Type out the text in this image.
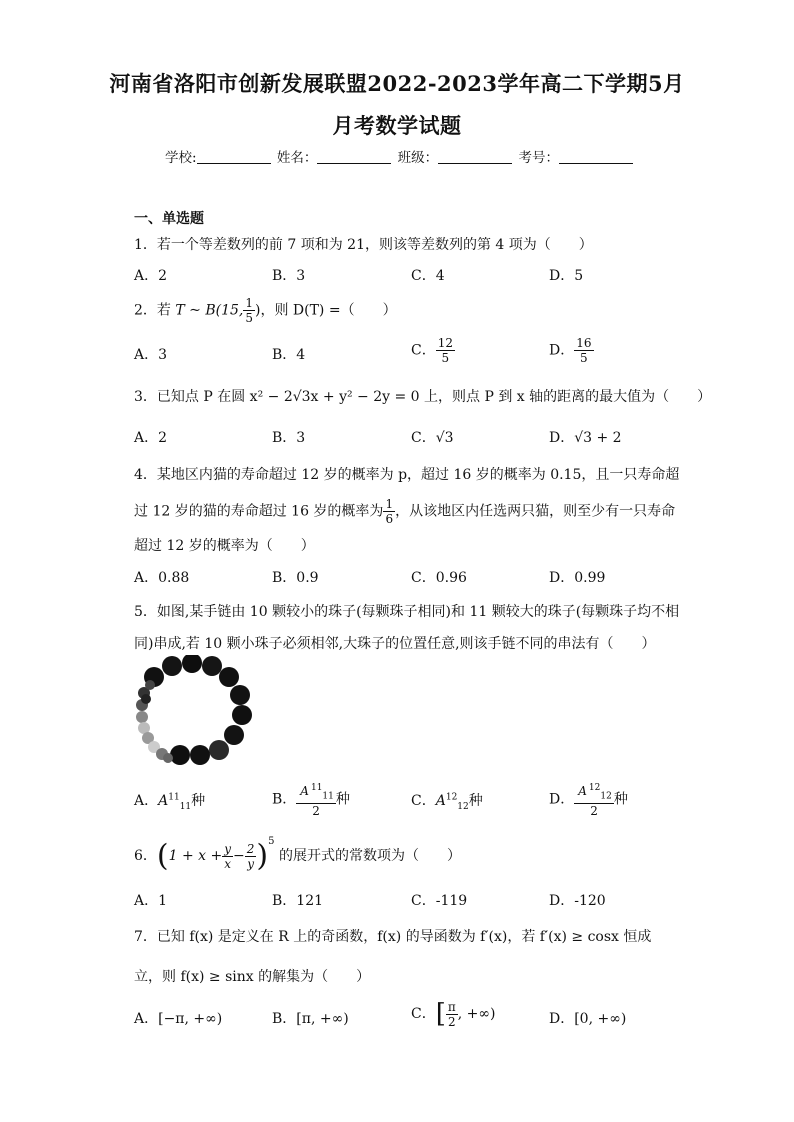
河南省洛阳市创新发展联盟2022-2023学年高二下学期5月
月考数学试题
学校:	姓名：	班级：	考号：
一、单选题
1．若一个等差数列的前 7 项和为 21，则该等差数列的第 4 项为（　　）
A．2	B．3	C．4	D．5
2．若 T ~ B(15, $\frac{1}{5}$ )，则 D(T) =（　　）
A．3	B．4	C． $\frac{12}{5}$	D． $\frac{16}{5}$
3．已知点 P 在圆 x² − 2√3x + y² − 2y = 0 上，则点 P 到 x 轴的距离的最大值为（　　）
A．2	B．3	C．√3	D．√3 + 2
4．某地区内猫的寿命超过 12 岁的概率为 p，超过 16 岁的概率为 0.15，且一只寿命超
过 12 岁的猫的寿命超过 16 岁的概率为 $\frac{1}{6}$ ，从该地区内任选两只猫，则至少有一只寿命
超过 12 岁的概率为（　　）
A．0.88	B．0.9	C．0.96	D．0.99
5．如图,某手链由 10 颗较小的珠子(每颗珠子相同)和 11 颗较大的珠子(每颗珠子均不相
同)串成,若 10 颗小珠子必须相邻,大珠子的位置任意,则该手链不同的串法有（　　）
A．$A^{11}_{11}$种	B． $\frac{A ^{11}_{11}}{2}$ 种	C．$A^{12}_{12}$种	D． $\frac{A ^{12}_{12}}{2}$ 种
6．$(1 + x + \frac{y}{x} - \frac{2}{y} )^5$ 的展开式的常数项为（　　）
A．1	B．121	C．-119	D．-120
7．已知 f(x) 是定义在 R 上的奇函数，f(x) 的导函数为 f′(x)，若 f′(x) ≥ cosx 恒成
立，则 f(x) ≥ sinx 的解集为（　　）
A．[−π, +∞)	B．[π, +∞)	C．[ $\frac{\pi}{2}$ , +∞)	D．[0, +∞)
